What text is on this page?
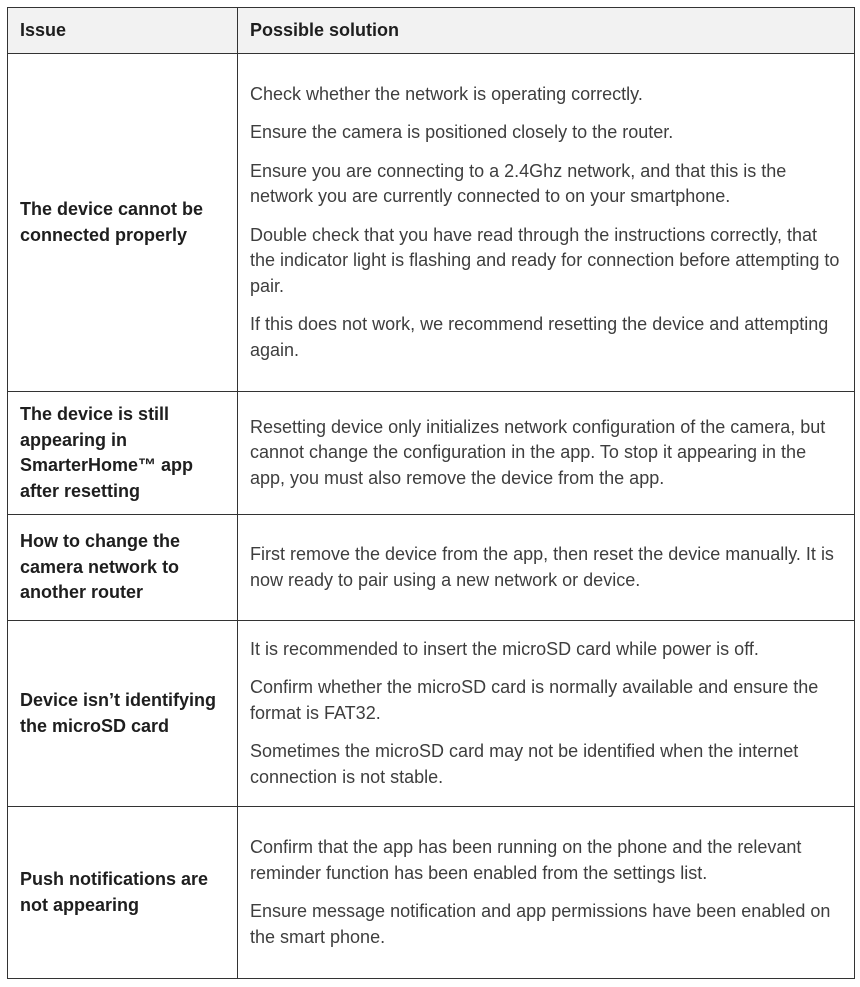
Issue	Possible solution
The device cannot be connected properly	Check whether the network is operating correctly.

Ensure the camera is positioned closely to the router.

Ensure you are connecting to a 2.4Ghz network, and that this is the network you are currently connected to on your smartphone.

Double check that you have read through the instructions correctly, that the indicator light is flashing and ready for connection before attempting to pair.

If this does not work, we recommend resetting the device and attempting again.

The device is still appearing in SmarterHome™ app after resetting	Resetting device only initializes network configuration of the camera, but cannot change the configuration in the app. To stop it appearing in the app, you must also remove the device from the app.

How to change the camera network to another router	First remove the device from the app, then reset the device manually. It is now ready to pair using a new network or device.

Device isn’t identifying the microSD card	It is recommended to insert the microSD card while power is off.

Confirm whether the microSD card is normally available and ensure the format is FAT32.

Sometimes the microSD card may not be identified when the internet connection is not stable.

Push notifications are not appearing	Confirm that the app has been running on the phone and the relevant reminder function has been enabled from the settings list.

Ensure message notification and app permissions have been enabled on the smart phone.
